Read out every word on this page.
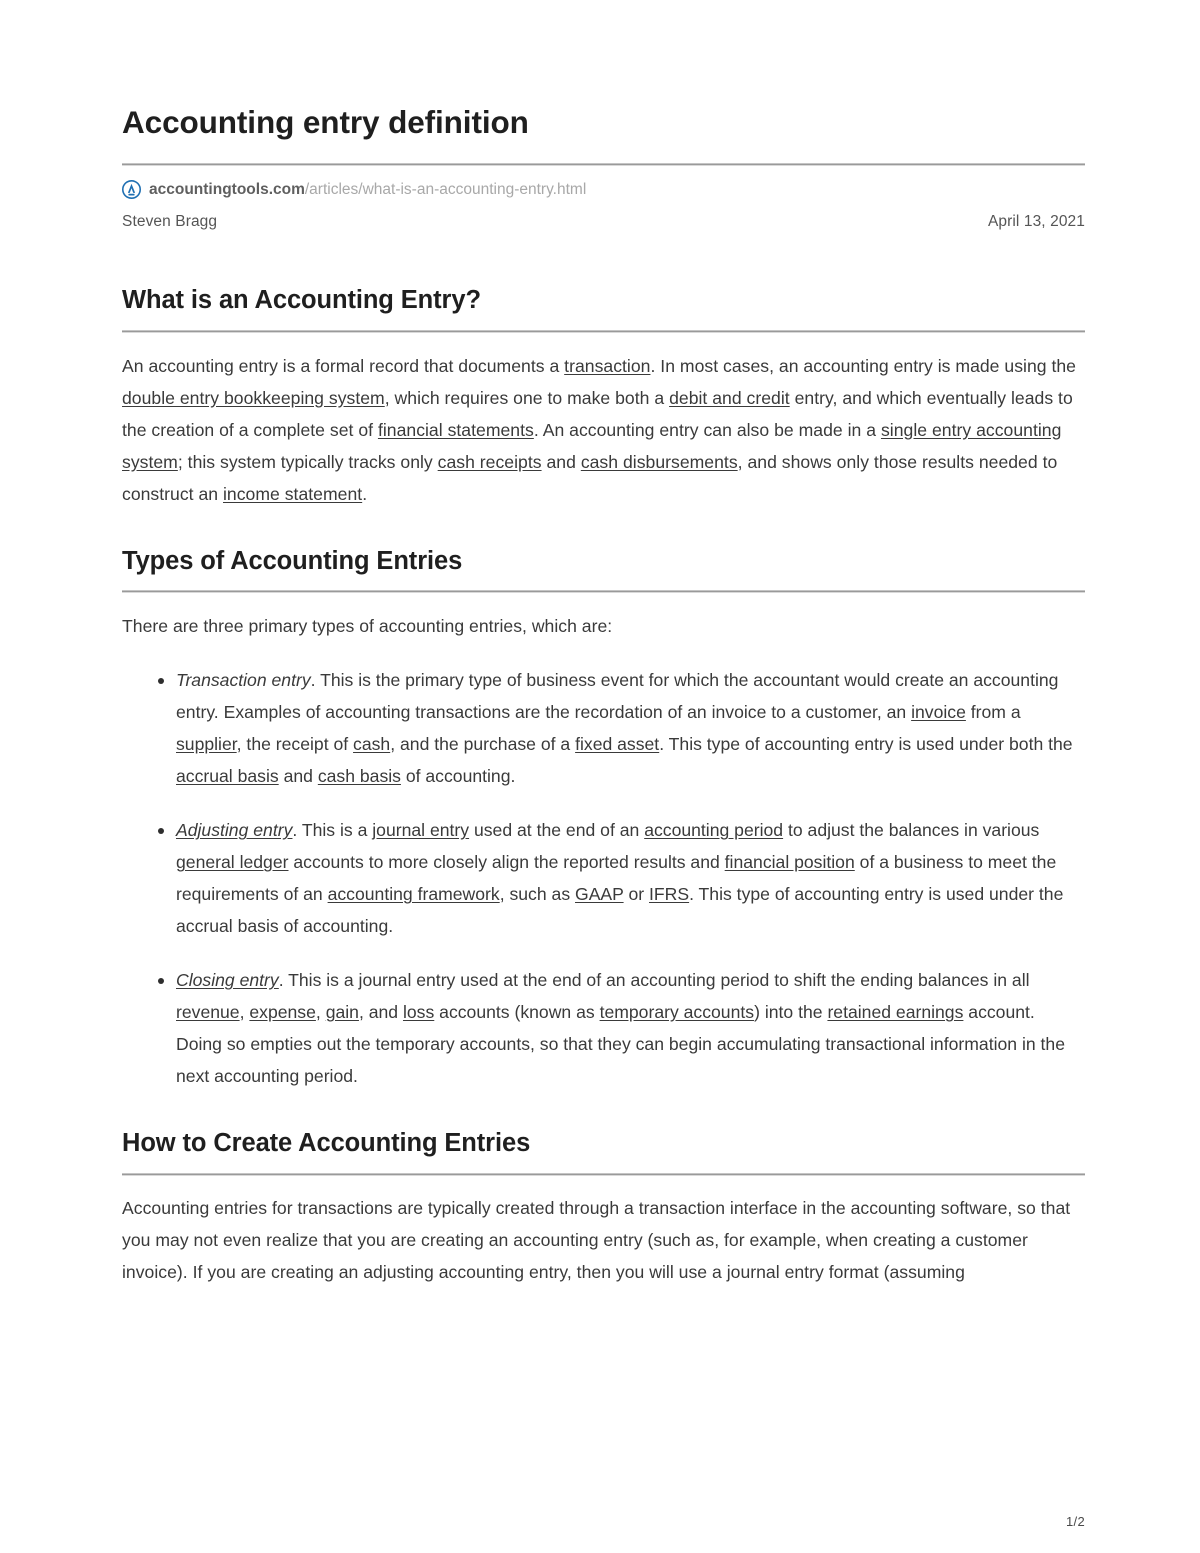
Accounting entry definition
accountingtools.com/articles/what-is-an-accounting-entry.html
Steven Bragg	April 13, 2021
What is an Accounting Entry?

An accounting entry is a formal record that documents a transaction. In most cases, an accounting entry is made using the double entry bookkeeping system, which requires one to make both a debit and credit entry, and which eventually leads to the creation of a complete set of financial statements. An accounting entry can also be made in a single entry accounting system; this system typically tracks only cash receipts and cash disbursements, and shows only those results needed to construct an income statement.

Types of Accounting Entries

There are three primary types of accounting entries, which are:

Transaction entry. This is the primary type of business event for which the accountant would create an accounting entry. Examples of accounting transactions are the recordation of an invoice to a customer, an invoice from a supplier, the receipt of cash, and the purchase of a fixed asset. This type of accounting entry is used under both the accrual basis and cash basis of accounting.
Adjusting entry. This is a journal entry used at the end of an accounting period to adjust the balances in various general ledger accounts to more closely align the reported results and financial position of a business to meet the requirements of an accounting framework, such as GAAP or IFRS. This type of accounting entry is used under the accrual basis of accounting.
Closing entry. This is a journal entry used at the end of an accounting period to shift the ending balances in all revenue, expense, gain, and loss accounts (known as temporary accounts) into the retained earnings account. Doing so empties out the temporary accounts, so that they can begin accumulating transactional information in the next accounting period.
How to Create Accounting Entries

Accounting entries for transactions are typically created through a transaction interface in the accounting software, so that you may not even realize that you are creating an accounting entry (such as, for example, when creating a customer invoice). If you are creating an adjusting accounting entry, then you will use a journal entry format (assuming

1/2
